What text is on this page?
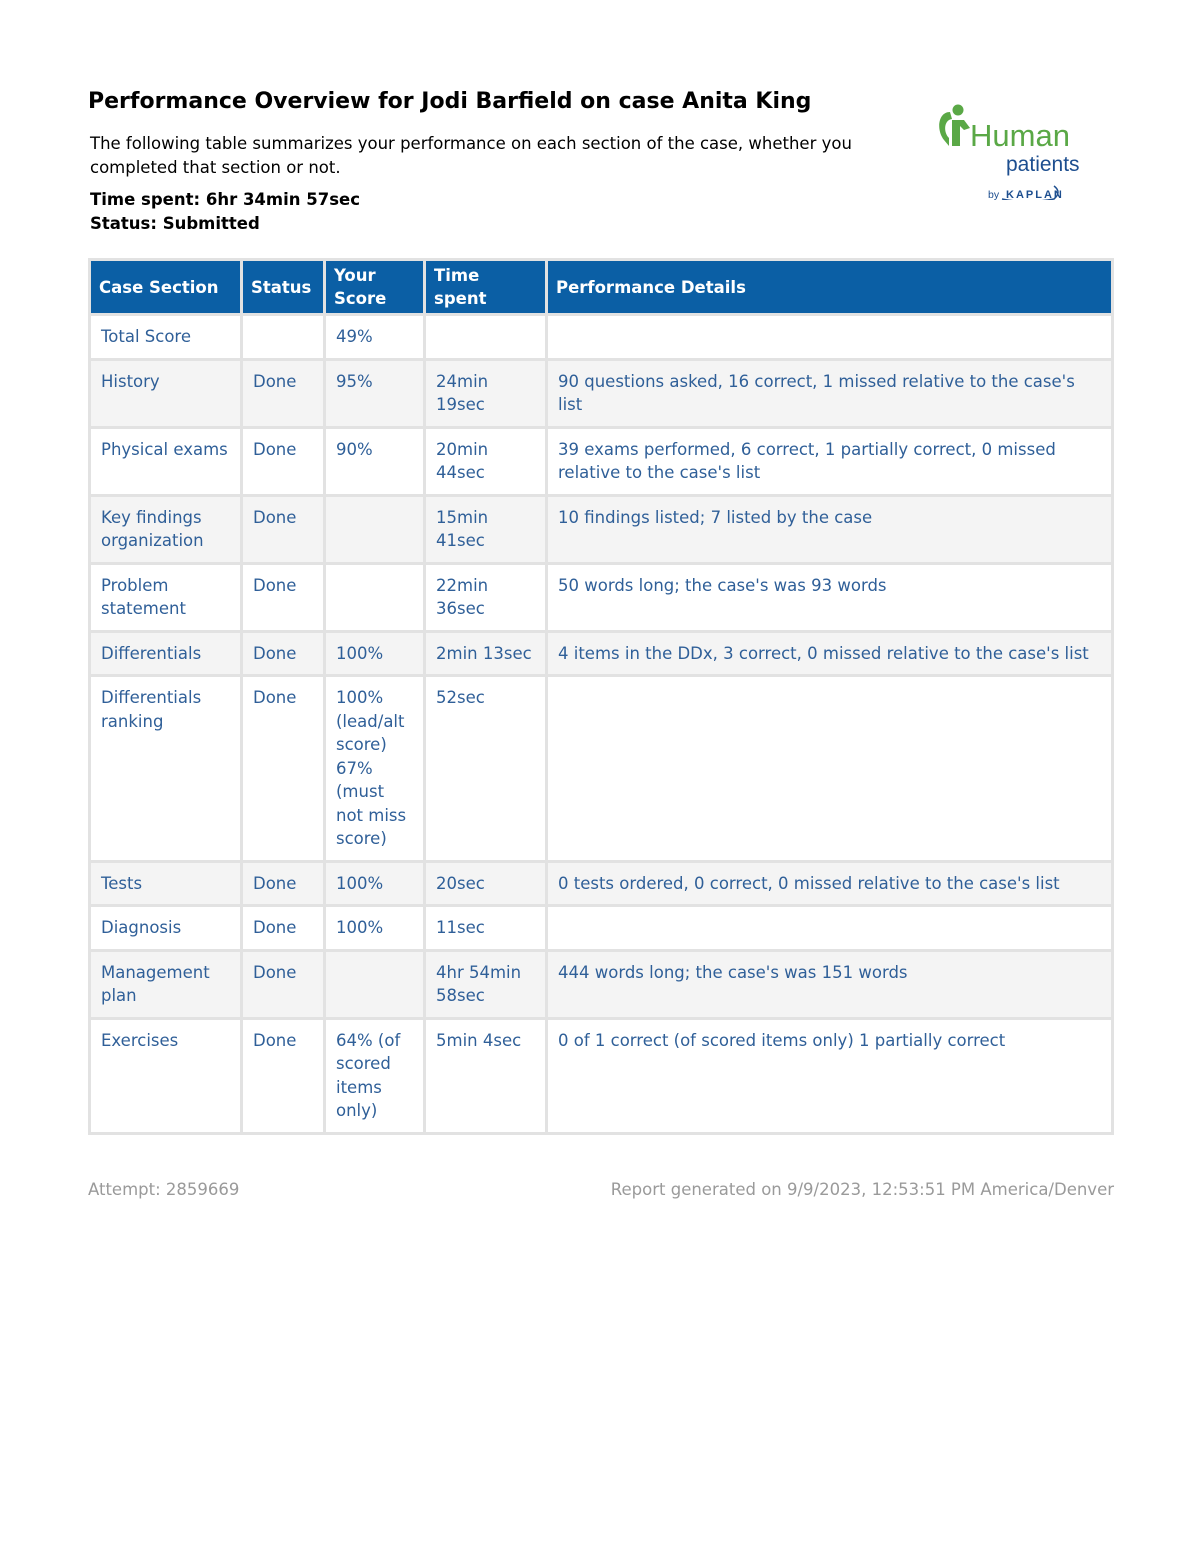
Performance Overview for Jodi Barfield on case Anita King

The following table summarizes your performance on each section of the case, whether you completed that section or not.

Time spent: 6hr 34min 57sec
Status: Submitted
Human
patients
by KAPLAN
Case Section	Status	Your Score	Time spent	Performance Details
Total Score		49%		
History	Done	95%	24min 19sec	90 questions asked, 16 correct, 1 missed relative to the case's list
Physical exams	Done	90%	20min 44sec	39 exams performed, 6 correct, 1 partially correct, 0 missed relative to the case's list
Key findings organization	Done		15min 41sec	10 findings listed; 7 listed by the case
Problem statement	Done		22min 36sec	50 words long; the case's was 93 words
Differentials	Done	100%	2min 13sec	4 items in the DDx, 3 correct, 0 missed relative to the case's list
Differentials ranking	Done	100% (lead/alt score) 67% (must not miss score)	52sec	
Tests	Done	100%	20sec	0 tests ordered, 0 correct, 0 missed relative to the case's list
Diagnosis	Done	100%	11sec	
Management plan	Done		4hr 54min 58sec	444 words long; the case's was 151 words
Exercises	Done	64% (of scored items only)	5min 4sec	0 of 1 correct (of scored items only) 1 partially correct
Attempt: 2859669	Report generated on 9/9/2023, 12:53:51 PM America/Denver
